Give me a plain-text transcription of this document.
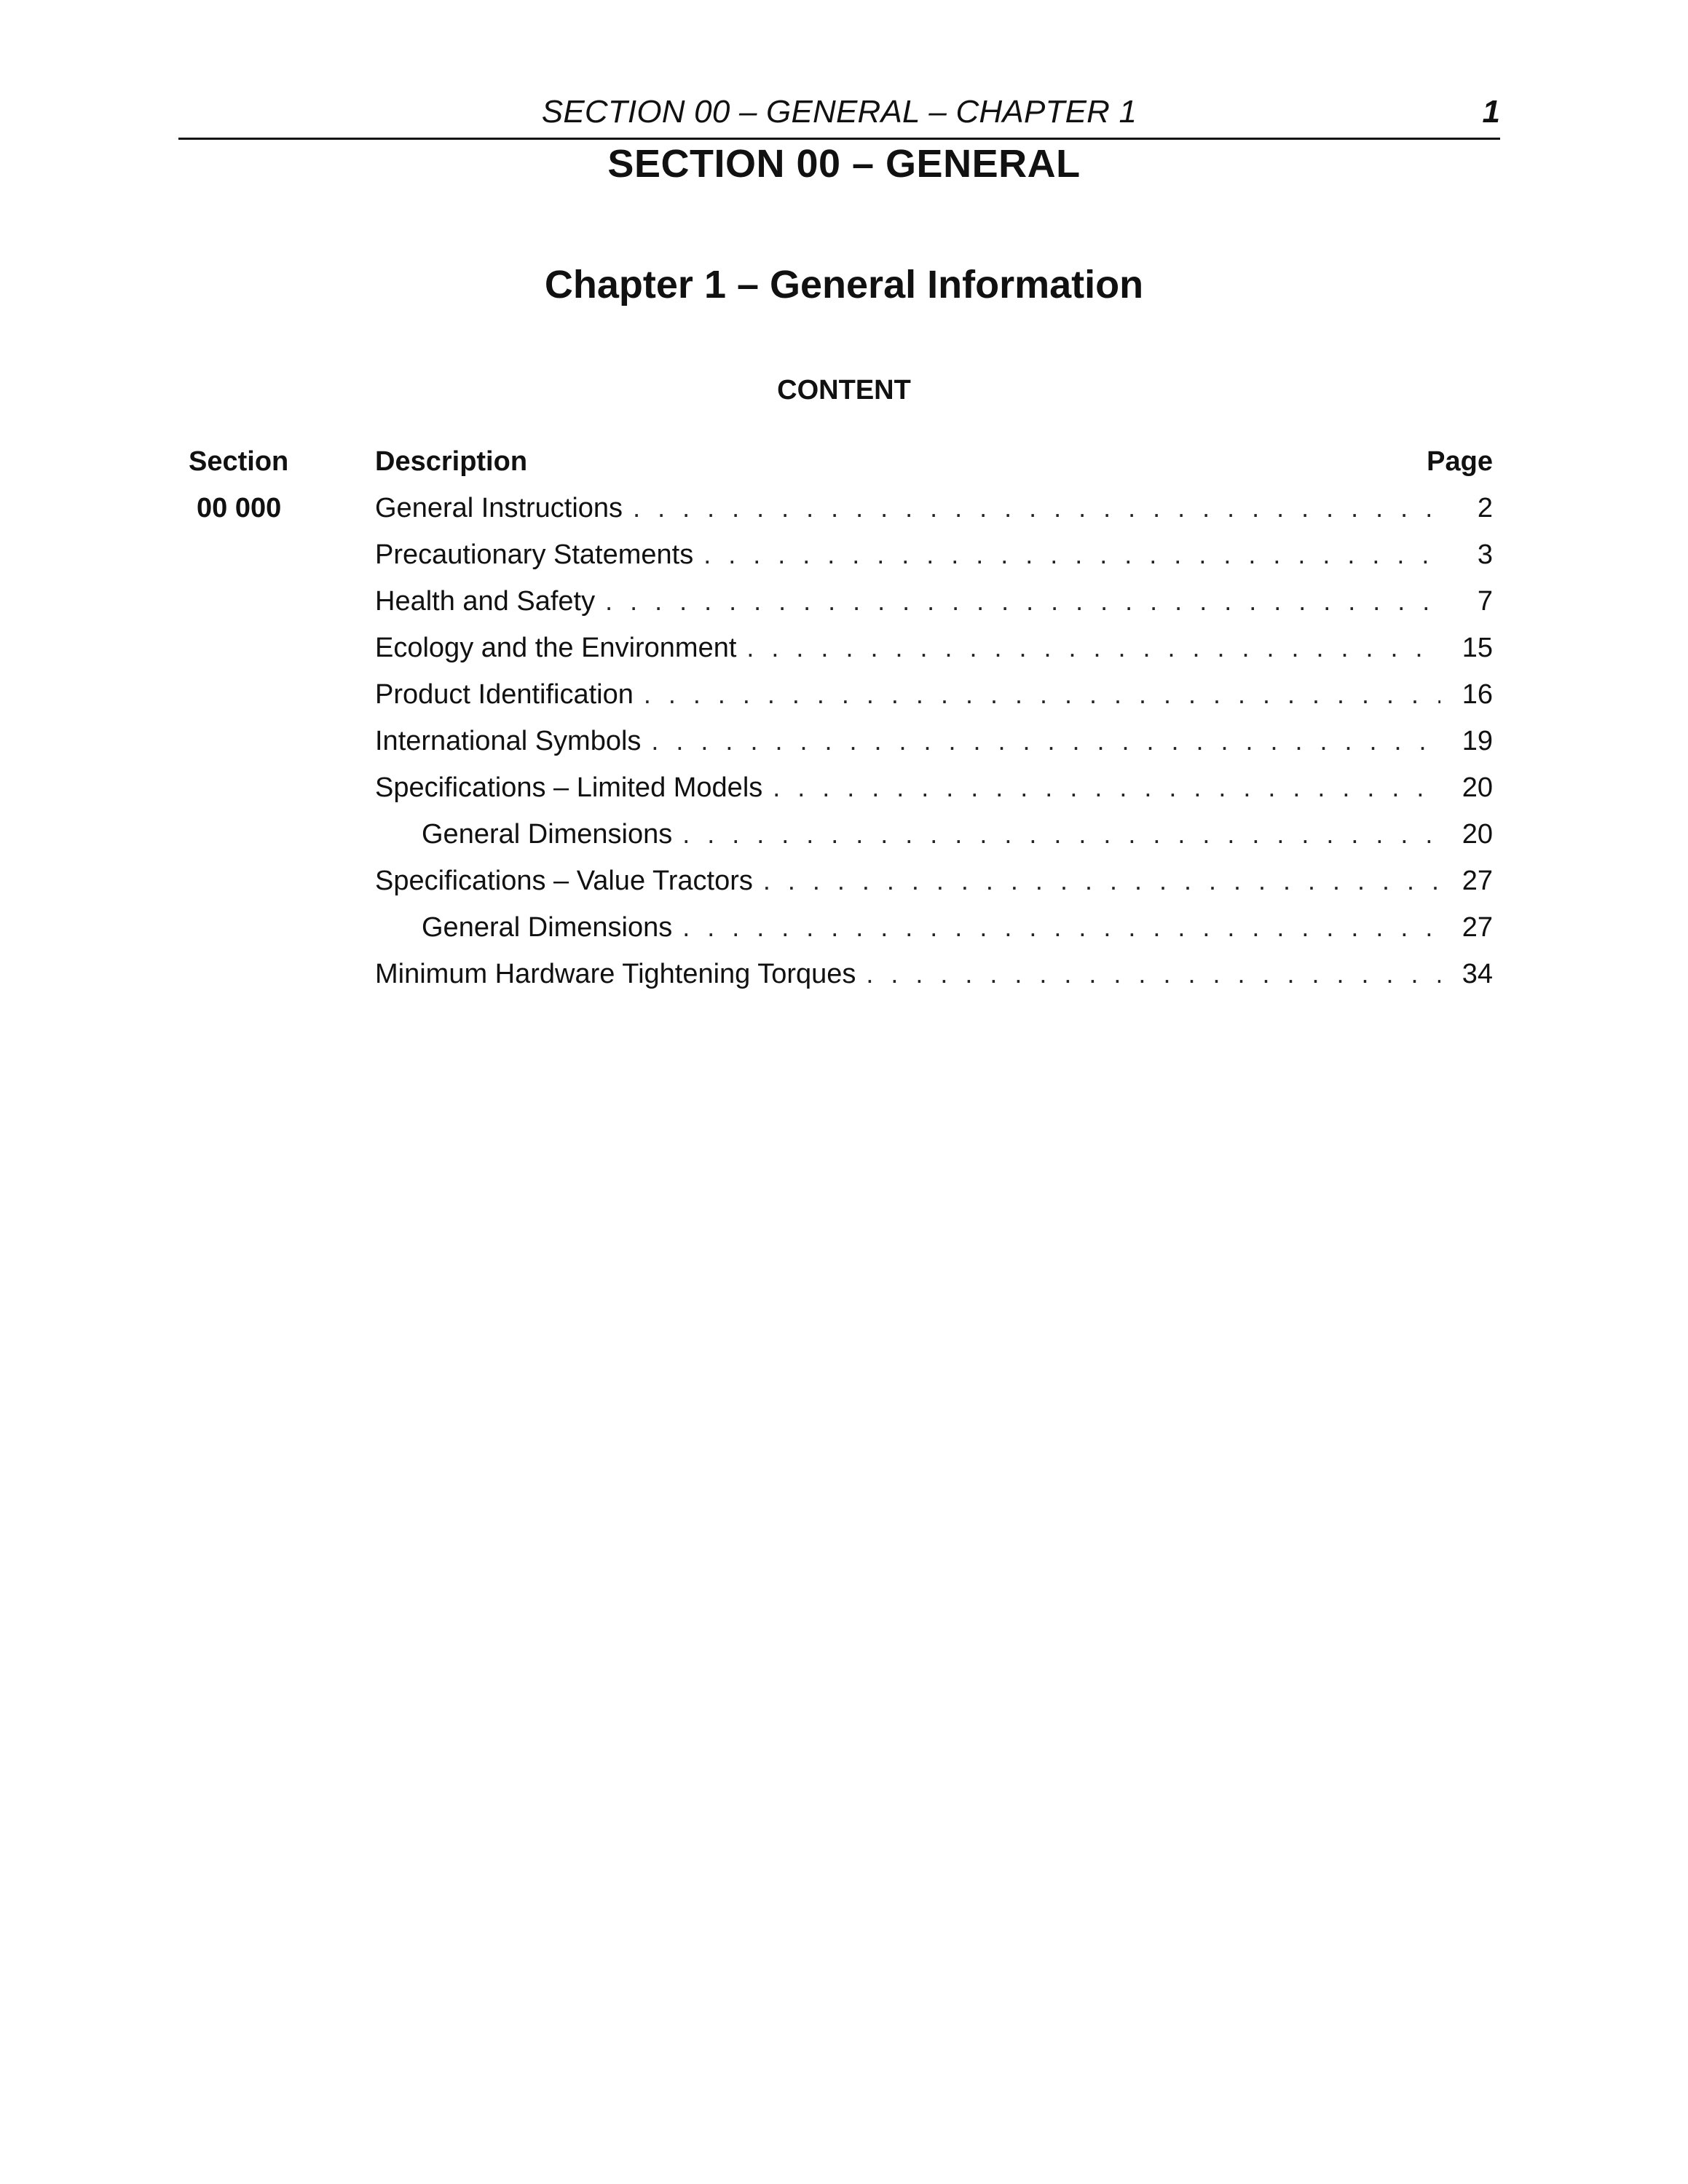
SECTION 00 – GENERAL – CHAPTER 1	1
SECTION 00 – GENERAL
Chapter 1 – General Information
CONTENT
Section	Description	Page
00 000	General Instructions . . .	2
Precautionary Statements . . .	3
Health and Safety . . .	7
Ecology and the Environment . . .	15
Product Identification . . .	16
International Symbols . . .	19
Specifications – Limited Models . . .	20
General Dimensions . . .	20
Specifications – Value Tractors . . .	27
General Dimensions . . .	27
Minimum Hardware Tightening Torques . . .	34
